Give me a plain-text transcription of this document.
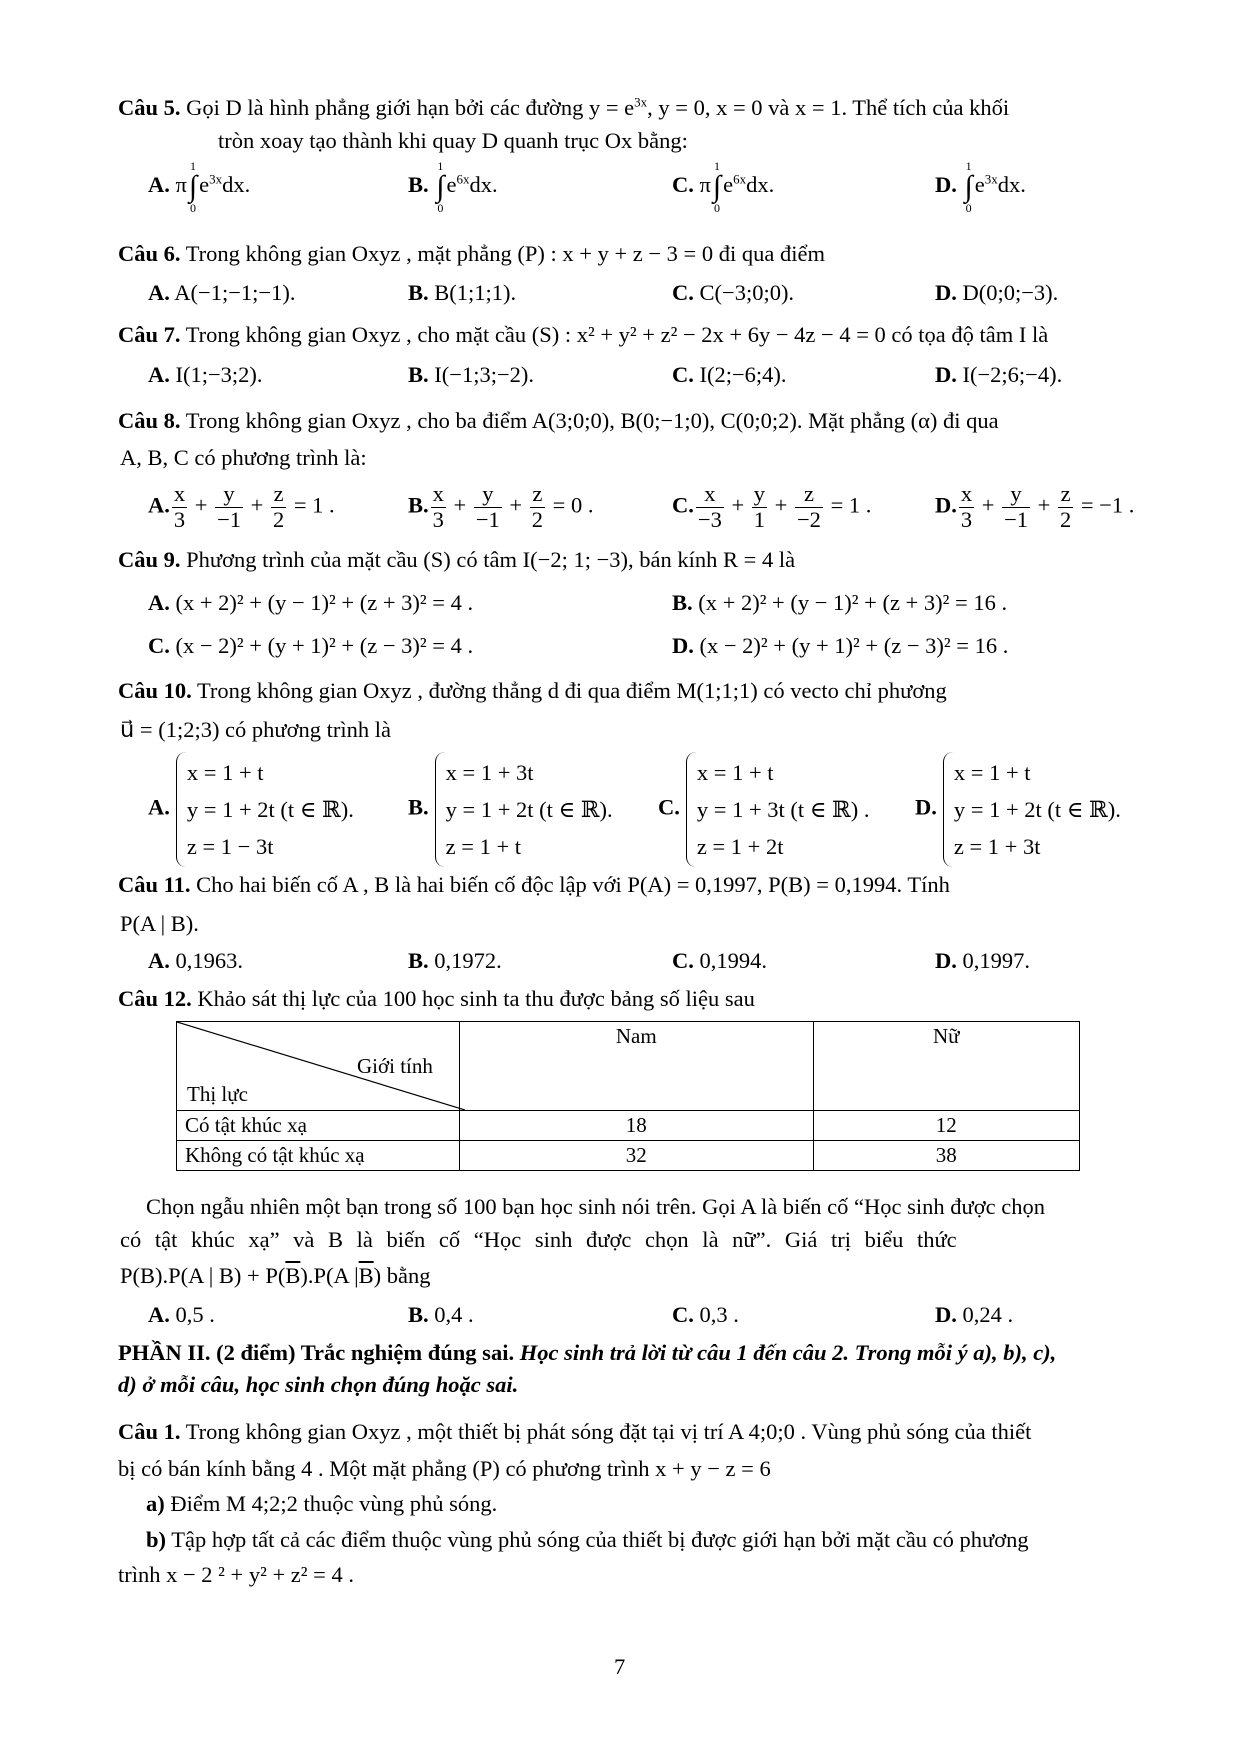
Câu 5. Gọi D là hình phẳng giới hạn bởi các đường $y = e^{3x}$, y = 0, x = 0 và x = 1. Thể tích của khối
tròn xoay tạo thành khi quay D quanh trục Ox bằng:
A. π
1
∫
0
$e^{3x}dx$.	B.
1
∫
0
$e^{6x}dx$.	C. π
1
∫
0
$e^{6x}dx$.	D.
1
∫
0
$e^{3x}dx$.
Câu 6. Trong không gian Oxyz , mặt phẳng (P) : x + y + z − 3 = 0 đi qua điểm
A. A(−1;−1;−1).	B. B(1;1;1).	C. C(−3;0;0).	D. D(0;0;−3).
Câu 7. Trong không gian Oxyz , cho mặt cầu (S) : x² + y² + z² − 2x + 6y − 4z − 4 = 0 có tọa độ tâm I là
A. I(1;−3;2).	B. I(−1;3;−2).	C. I(2;−6;4).	D. I(−2;6;−4).
Câu 8. Trong không gian Oxyz , cho ba điểm A(3;0;0), B(0;−1;0), C(0;0;2). Mặt phẳng (α) đi qua
A, B, C có phương trình là:
A. $\frac{x}{3} + \frac{y}{-1} + \frac{z}{2} = 1$ .	B. $\frac{x}{3} + \frac{y}{-1} + \frac{z}{2} = 0$ .	C. $\frac{x}{-3} + \frac{y}{1} + \frac{z}{-2} = 1$ .	D. $\frac{x}{3} + \frac{y}{-1} + \frac{z}{2} = -1$ .
Câu 9. Phương trình của mặt cầu (S) có tâm I(−2; 1; −3), bán kính R = 4 là
A. (x + 2)² + (y − 1)² + (z + 3)² = 4 .	B. (x + 2)² + (y − 1)² + (z + 3)² = 16 .
C. (x − 2)² + (y + 1)² + (z − 3)² = 4 .	D. (x − 2)² + (y + 1)² + (z − 3)² = 16 .
Câu 10. Trong không gian Oxyz , đường thẳng d đi qua điểm M(1;1;1) có vecto chỉ phương
u⃗ = (1;2;3) có phương trình là
A.
x = 1 + t
y = 1 + 2t (t ∈ ℝ).
z = 1 − 3t
B.
x = 1 + 3t
y = 1 + 2t (t ∈ ℝ).
z = 1 + t
C.
x = 1 + t
y = 1 + 3t (t ∈ ℝ) .
z = 1 + 2t
D.
x = 1 + t
y = 1 + 2t (t ∈ ℝ).
z = 1 + 3t
Câu 11. Cho hai biến cố A , B là hai biến cố độc lập với P(A) = 0,1997, P(B) = 0,1994. Tính
P(A | B).
A. 0,1963.	B. 0,1972.	C. 0,1994.	D. 0,1997.
Câu 12. Khảo sát thị lực của 100 học sinh ta thu được bảng số liệu sau
Giới tính
Thị lực	Nam	Nữ
Có tật khúc xạ	18	12
Không có tật khúc xạ	32	38
Chọn ngẫu nhiên một bạn trong số 100 bạn học sinh nói trên. Gọi A là biến cố “Học sinh được chọn
có tật khúc xạ” và B là biến cố “Học sinh được chọn là nữ”. Giá trị biểu thức
P(B).P(A | $B) + P(\overline{B}).P(A$ $|\overline{B}$) bằng
A. 0,5 .	B. 0,4 .	C. 0,3 .	D. 0,24 .
PHẦN II. (2 điểm) Trắc nghiệm đúng sai. Học sinh trả lời từ câu 1 đến câu 2. Trong mỗi ý a), b), c),
d) ở mỗi câu, học sinh chọn đúng hoặc sai.
Câu 1. Trong không gian Oxyz , một thiết bị phát sóng đặt tại vị trí A 4;0;0 . Vùng phủ sóng của thiết
bị có bán kính bằng 4 . Một mặt phẳng (P) có phương trình x + y − z = 6
a) Điểm M 4;2;2 thuộc vùng phủ sóng.
b) Tập hợp tất cả các điểm thuộc vùng phủ sóng của thiết bị được giới hạn bởi mặt cầu có phương
trình x − 2 ² + y² + z² = 4 .
7
